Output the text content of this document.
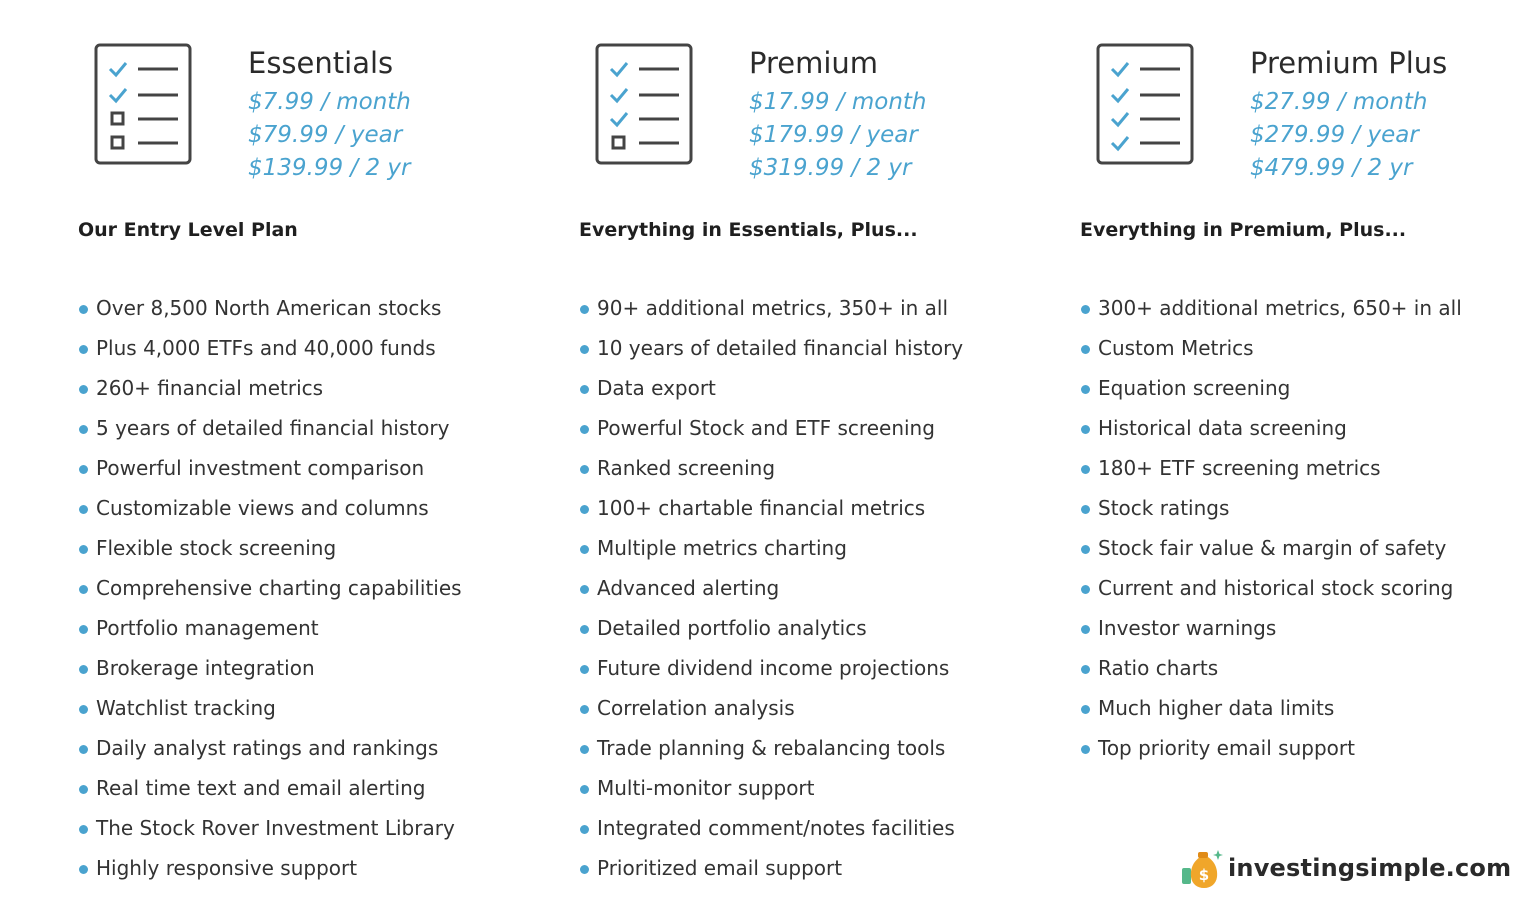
Essentials
$7.99 / month
$79.99 / year
$139.99 / 2 yr
Our Entry Level Plan
Over 8,500 North American stocks
Plus 4,000 ETFs and 40,000 funds
260+ financial metrics
5 years of detailed financial history
Powerful investment comparison
Customizable views and columns
Flexible stock screening
Comprehensive charting capabilities
Portfolio management
Brokerage integration
Watchlist tracking
Daily analyst ratings and rankings
Real time text and email alerting
The Stock Rover Investment Library
Highly responsive support
Premium
$17.99 / month
$179.99 / year
$319.99 / 2 yr
Everything in Essentials, Plus...
90+ additional metrics, 350+ in all
10 years of detailed financial history
Data export
Powerful Stock and ETF screening
Ranked screening
100+ chartable financial metrics
Multiple metrics charting
Advanced alerting
Detailed portfolio analytics
Future dividend income projections
Correlation analysis
Trade planning & rebalancing tools
Multi-monitor support
Integrated comment/notes facilities
Prioritized email support
Premium Plus
$27.99 / month
$279.99 / year
$479.99 / 2 yr
Everything in Premium, Plus...
300+ additional metrics, 650+ in all
Custom Metrics
Equation screening
Historical data screening
180+ ETF screening metrics
Stock ratings
Stock fair value & margin of safety
Current and historical stock scoring
Investor warnings
Ratio charts
Much higher data limits
Top priority email support
$ investingsimple.com
